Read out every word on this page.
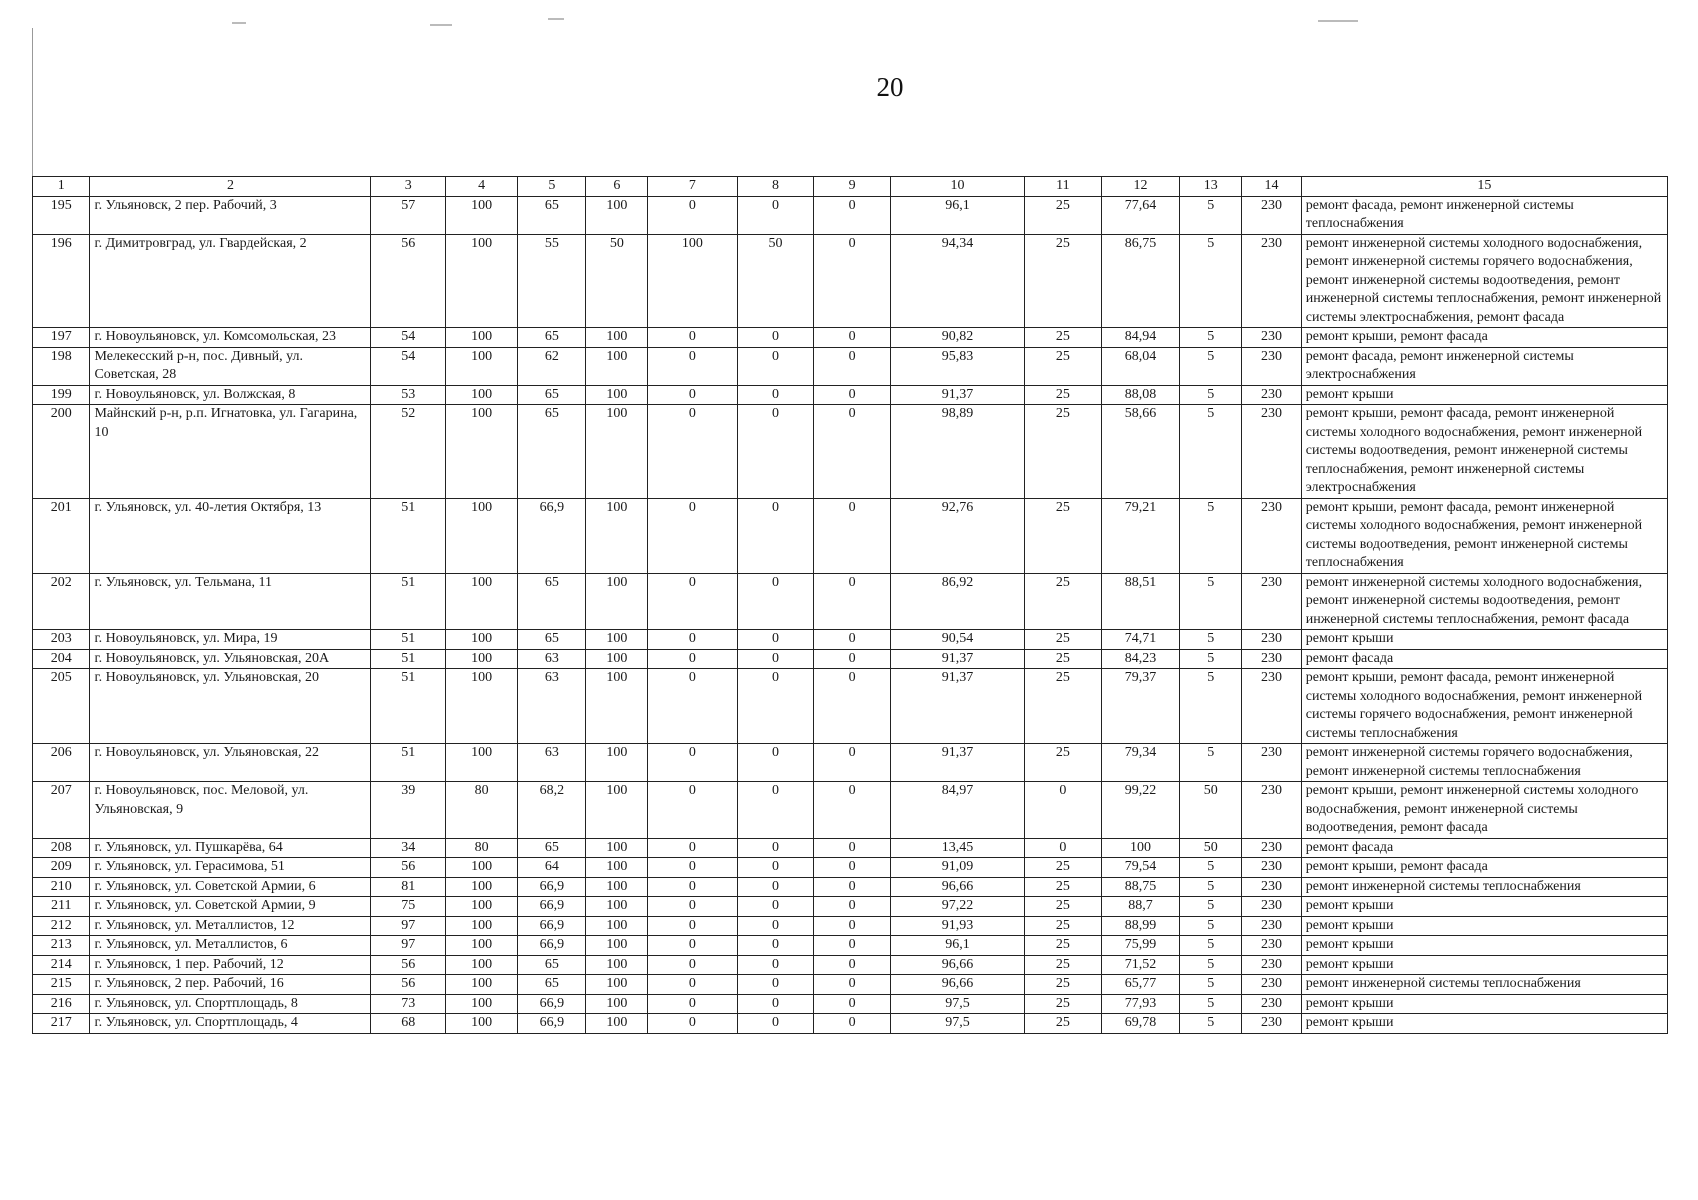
20
1	2	3	4	5	6	7	8	9	10	11	12	13	14	15
195	г. Ульяновск, 2 пер. Рабочий, 3	57	100	65	100	0	0	0	96,1	25	77,64	5	230	ремонт фасада, ремонт инженерной системы теплоснабжения
196	г. Димитровград, ул. Гвардейская, 2	56	100	55	50	100	50	0	94,34	25	86,75	5	230	ремонт инженерной системы холодного водоснабжения, ремонт инженерной системы горячего водоснабжения, ремонт инженерной системы водоотведения, ремонт инженерной системы теплоснабжения, ремонт инженерной системы электроснабжения, ремонт фасада
197	г. Новоульяновск, ул. Комсомольская, 23	54	100	65	100	0	0	0	90,82	25	84,94	5	230	ремонт крыши, ремонт фасада
198	Мелекесский р-н, пос. Дивный, ул. Советская, 28	54	100	62	100	0	0	0	95,83	25	68,04	5	230	ремонт фасада, ремонт инженерной системы электроснабжения
199	г. Новоульяновск, ул. Волжская, 8	53	100	65	100	0	0	0	91,37	25	88,08	5	230	ремонт крыши
200	Майнский р-н, р.п. Игнатовка, ул. Гагарина, 10	52	100	65	100	0	0	0	98,89	25	58,66	5	230	ремонт крыши, ремонт фасада, ремонт инженерной системы холодного водоснабжения, ремонт инженерной системы водоотведения, ремонт инженерной системы теплоснабжения, ремонт инженерной системы электроснабжения
201	г. Ульяновск, ул. 40-летия Октября, 13	51	100	66,9	100	0	0	0	92,76	25	79,21	5	230	ремонт крыши, ремонт фасада, ремонт инженерной системы холодного водоснабжения, ремонт инженерной системы водоотведения, ремонт инженерной системы теплоснабжения
202	г. Ульяновск, ул. Тельмана, 11	51	100	65	100	0	0	0	86,92	25	88,51	5	230	ремонт инженерной системы холодного водоснабжения, ремонт инженерной системы водоотведения, ремонт инженерной системы теплоснабжения, ремонт фасада
203	г. Новоульяновск, ул. Мира, 19	51	100	65	100	0	0	0	90,54	25	74,71	5	230	ремонт крыши
204	г. Новоульяновск, ул. Ульяновская, 20А	51	100	63	100	0	0	0	91,37	25	84,23	5	230	ремонт фасада
205	г. Новоульяновск, ул. Ульяновская, 20	51	100	63	100	0	0	0	91,37	25	79,37	5	230	ремонт крыши, ремонт фасада, ремонт инженерной системы холодного водоснабжения, ремонт инженерной системы горячего водоснабжения, ремонт инженерной системы теплоснабжения
206	г. Новоульяновск, ул. Ульяновская, 22	51	100	63	100	0	0	0	91,37	25	79,34	5	230	ремонт инженерной системы горячего водоснабжения, ремонт инженерной системы теплоснабжения
207	г. Новоульяновск, пос. Меловой, ул. Ульяновская, 9	39	80	68,2	100	0	0	0	84,97	0	99,22	50	230	ремонт крыши, ремонт инженерной системы холодного водоснабжения, ремонт инженерной системы водоотведения, ремонт фасада
208	г. Ульяновск, ул. Пушкарёва, 64	34	80	65	100	0	0	0	13,45	0	100	50	230	ремонт фасада
209	г. Ульяновск, ул. Герасимова, 51	56	100	64	100	0	0	0	91,09	25	79,54	5	230	ремонт крыши, ремонт фасада
210	г. Ульяновск, ул. Советской Армии, 6	81	100	66,9	100	0	0	0	96,66	25	88,75	5	230	ремонт инженерной системы теплоснабжения
211	г. Ульяновск, ул. Советской Армии, 9	75	100	66,9	100	0	0	0	97,22	25	88,7	5	230	ремонт крыши
212	г. Ульяновск, ул. Металлистов, 12	97	100	66,9	100	0	0	0	91,93	25	88,99	5	230	ремонт крыши
213	г. Ульяновск, ул. Металлистов, 6	97	100	66,9	100	0	0	0	96,1	25	75,99	5	230	ремонт крыши
214	г. Ульяновск, 1 пер. Рабочий, 12	56	100	65	100	0	0	0	96,66	25	71,52	5	230	ремонт крыши
215	г. Ульяновск, 2 пер. Рабочий, 16	56	100	65	100	0	0	0	96,66	25	65,77	5	230	ремонт инженерной системы теплоснабжения
216	г. Ульяновск, ул. Спортплощадь, 8	73	100	66,9	100	0	0	0	97,5	25	77,93	5	230	ремонт крыши
217	г. Ульяновск, ул. Спортплощадь, 4	68	100	66,9	100	0	0	0	97,5	25	69,78	5	230	ремонт крыши
